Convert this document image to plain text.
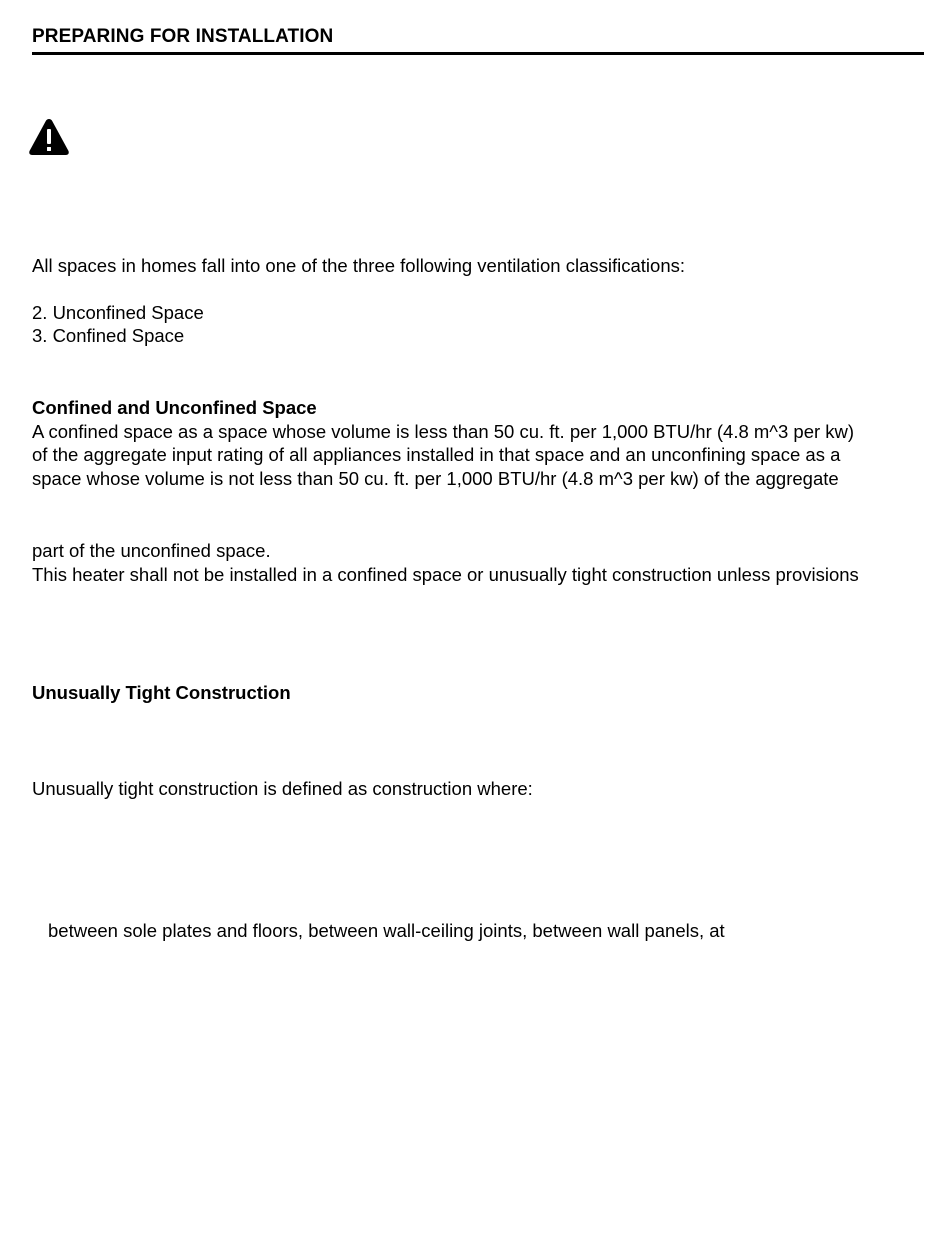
PREPARING FOR INSTALLATION
All spaces in homes fall into one of the three following ventilation classifications:
2. Unconfined Space
3. Confined Space
Confined and Unconfined Space
A confined space as a space whose volume is less than 50 cu. ft. per 1,000 BTU/hr (4.8 m^3 per kw)
of the aggregate input rating of all appliances installed in that space and an unconfining space as a
space whose volume is not less than 50 cu. ft. per 1,000 BTU/hr (4.8 m^3 per kw) of the aggregate
part of the unconfined space.
This heater shall not be installed in a confined space or unusually tight construction unless provisions
Unusually Tight Construction
Unusually tight construction is defined as construction where:
between sole plates and floors, between wall-ceiling joints, between wall panels, at
